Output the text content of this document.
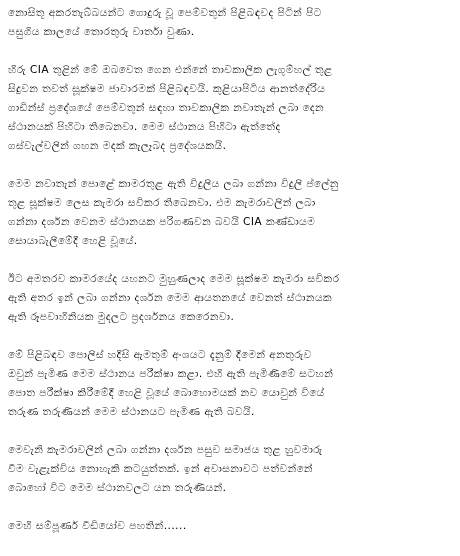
නොසිතූ අකරතැබ්බයන්ට ගොදුරු වූ පෙම්වතුන් පිළිබඳවද පිටින් පිට
පසුගිය කාලයේ තොරතුරු වාර්තා වුණා.
හිරු CIA තුළින් මේ ඔබවෙත ගෙන එන්නේ තාවකාලික ලැගුම්හල් තුළ
සිදුවන තවත් සූක්ෂම ජාවාරමක් පිළිබඳවයි. කුළියාපිටිය ආනත්දේරිය
ගාඩින්ස් ප්‍රදේශයේ පෙම්වතුන් සඳහා තාවකාලික නවාතැන් ලබා දෙන
ස්ථානයක් පිහිටා තිබෙනවා. මෙම ස්ථානය පිහිටා ඇත්තේද
ගස්වැල්වලින් ගහන මදක් කැලෑබද ප්‍රදේශයකයි.
මෙම නවාතැන් පොළේ කාමරතුළ ඇති විදුලිය ලබා ගන්නා විදුලි ප්ලේනු
තුළ සූක්ෂම ලෙස කැමරා සවිකර තිබෙනවා. එම කැමරාවලින් ලබා
ගන්නා දර්ශන වෙනම ස්ථානයක පරිගණවන බවයි CIA කණ්ඩායම
සොයාබැලීමේදී හෙළි වූයේ.
ඊට අමතරව කාමරයේද යහනට මුහුණලාද මෙම සූක්ෂම කැමරා සවිකර
ඇති අතර ඉන් ලබා ගන්නා දර්ශන මෙම ආයතනයේ වෙනත් ස්ථානයක
ඇති රූපවාහිනියක මුදලට ප්‍රදර්ශනය කෙරෙනවා.
මේ පිළිබඳව පොලිස් හදිසි ඇමතුම් අංශයට දැනුම් දීමෙන් අනතුරුව
ඔවුන් පැමිණ මෙම ස්ථානය පරීක්ෂා කළා. එහි ඇති පැමිණිමේ සටහන්
පොත පරීක්ෂා කිරීමේදී හෙළි වූයේ බොහොමයක් නව යොවුන් වියේ
තරුණ තරුණියන් මෙම ස්ථානයට පැමිණ ඇති බවයි.
මෙවැනි කැමරාවලින් ලබා ගන්නා දර්ශන පසුව සමාජය තුළ හුවමාරු
වීම වැළැක්විය නොහැකි කටයුත්තක්. ඉන් අවාසනාවට පත්වන්නේ
බොහෝ විට මෙම ස්ථානවලට යන තරුණියන්.
මෙහි සම්පූර්ණ වීඩියෝව පහතින්......
